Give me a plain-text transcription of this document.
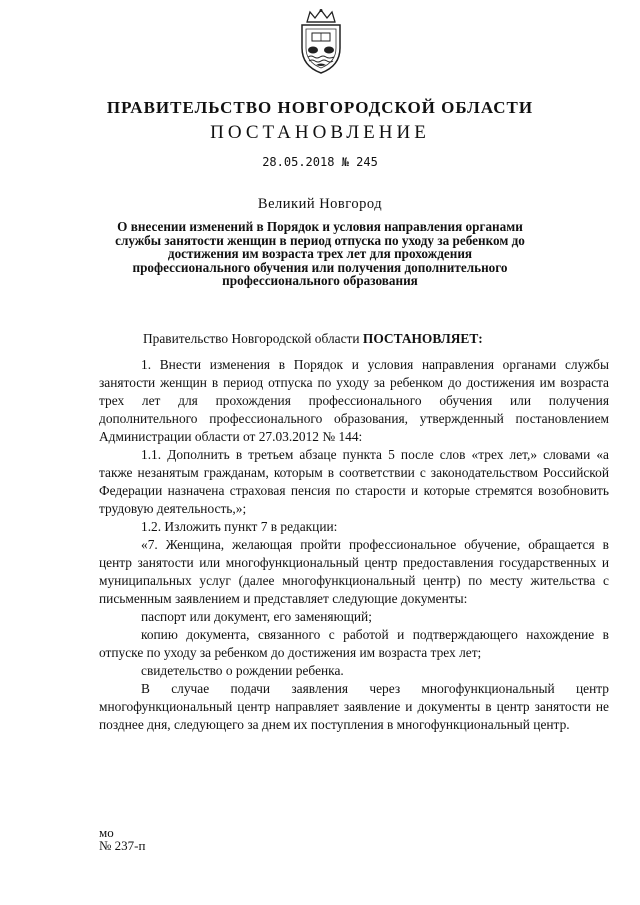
ПРАВИТЕЛЬСТВО НОВГОРОДСКОЙ ОБЛАСТИ
ПОСТАНОВЛЕНИЕ
28.05.2018 № 245
Великий Новгород
О внесении изменений в Порядок и условия направления органами службы занятости женщин в период отпуска по уходу за ребенком до достижения им возраста трех лет для прохождения профессионального обучения или получения дополнительного профессионального образования

Правительство Новгородской области ПОСТАНОВЛЯЕТ:

1. Внести изменения в Порядок и условия направления органами службы занятости женщин в период отпуска по уходу за ребенком до достижения им возраста трех лет для прохождения профессионального обучения или получения дополнительного профессионального образования, утвержденный постановлением Администрации области от 27.03.2012 № 144:

1.1. Дополнить в третьем абзаце пункта 5 после слов «трех лет,» словами «а также незанятым гражданам, которым в соответствии с законодательством Российской Федерации назначена страховая пенсия по старости и которые стремятся возобновить трудовую деятельность,»;

1.2. Изложить пункт 7 в редакции:

«7. Женщина, желающая пройти профессиональное обучение, обращается в центр занятости или многофункциональный центр предоставления государственных и муниципальных услуг (далее многофункциональный центр) по месту жительства с письменным заявлением и представляет следующие документы:

паспорт или документ, его заменяющий;

копию документа, связанного с работой и подтверждающего нахождение в отпуске по уходу за ребенком до достижения им возраста трех лет;

свидетельство о рождении ребенка.

В случае подачи заявления через многофункциональный центр многофункциональный центр направляет заявление и документы в центр занятости не позднее дня, следующего за днем их поступления в многофункциональный центр.

мо
№ 237-п
